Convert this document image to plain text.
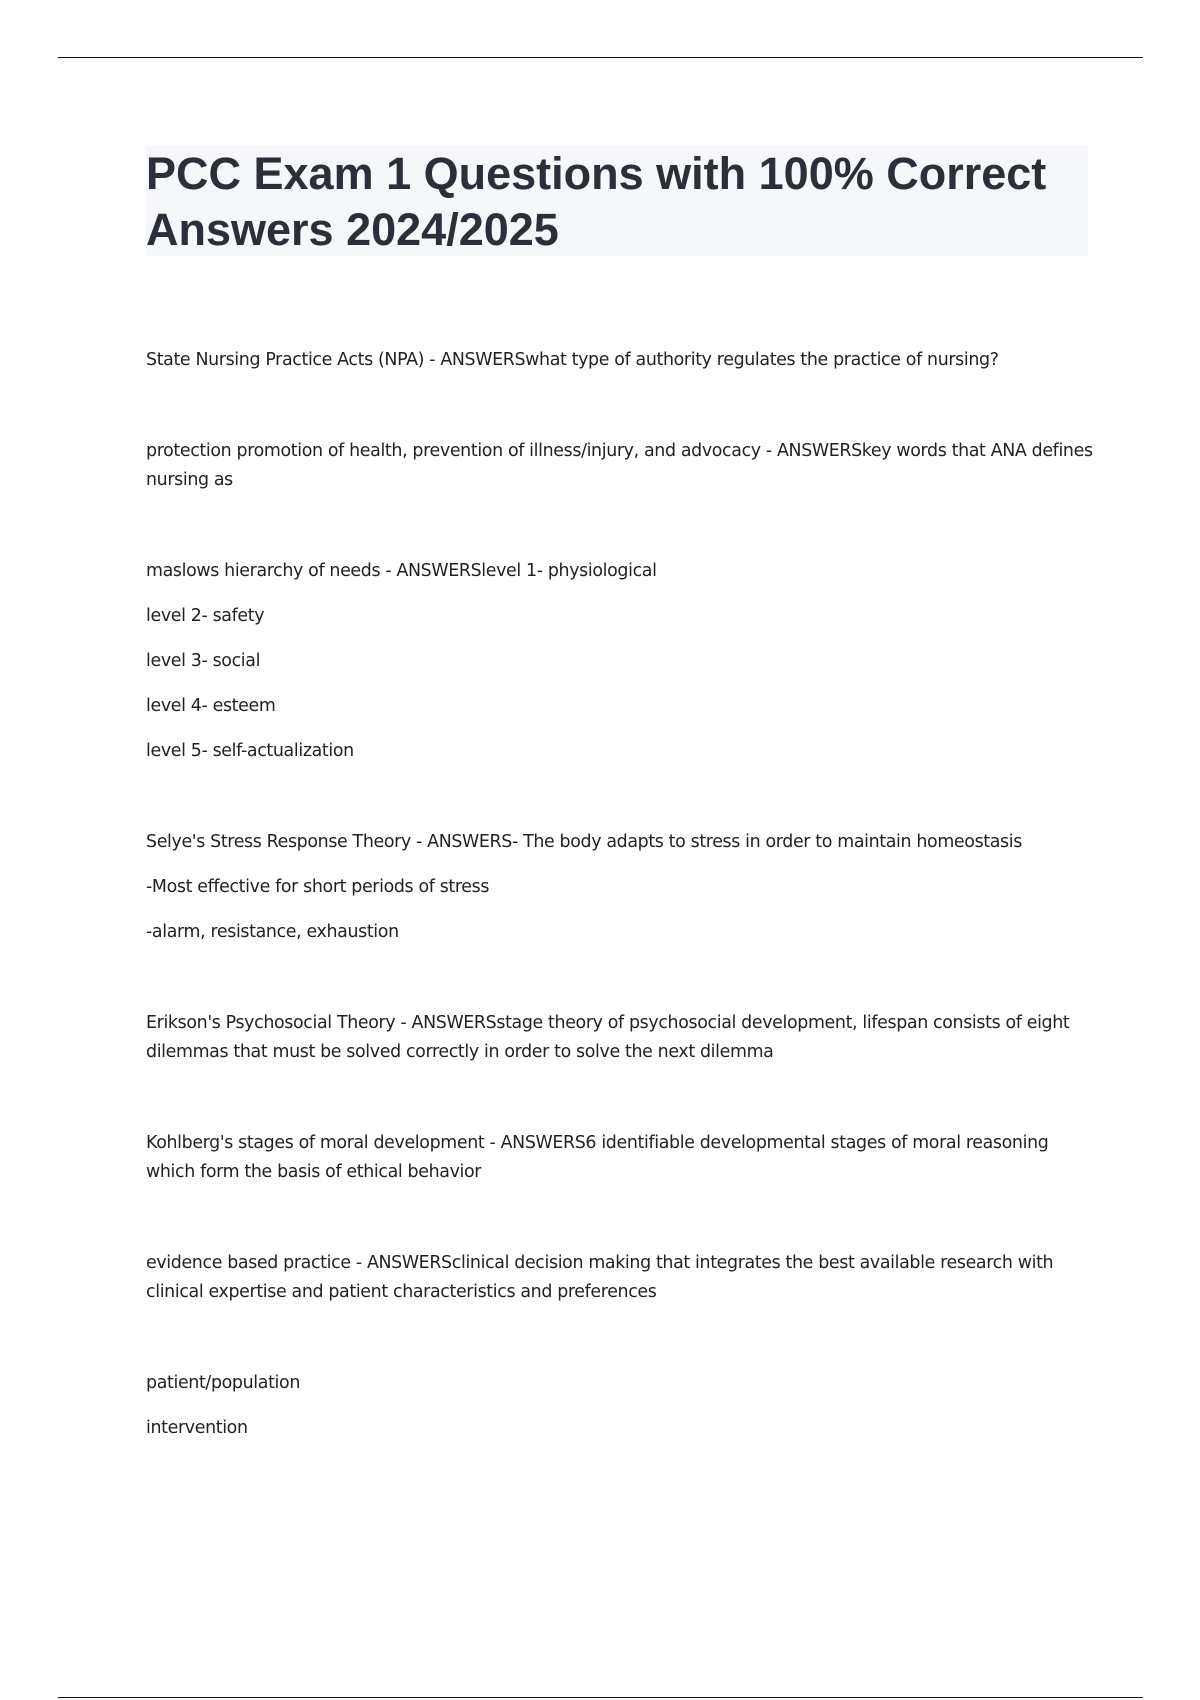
PCC Exam 1 Questions with 100% Correct Answers 2024/2025

State Nursing Practice Acts (NPA) - ANSWERSwhat type of authority regulates the practice of nursing?

protection promotion of health, prevention of illness/injury, and advocacy - ANSWERSkey words that ANA defines nursing as

maslows hierarchy of needs - ANSWERSlevel 1- physiological

level 2- safety

level 3- social

level 4- esteem

level 5- self-actualization

Selye's Stress Response Theory - ANSWERS- The body adapts to stress in order to maintain homeostasis

-Most effective for short periods of stress

-alarm, resistance, exhaustion

Erikson's Psychosocial Theory - ANSWERSstage theory of psychosocial development, lifespan consists of eight dilemmas that must be solved correctly in order to solve the next dilemma

Kohlberg's stages of moral development - ANSWERS6 identifiable developmental stages of moral reasoning which form the basis of ethical behavior

evidence based practice - ANSWERSclinical decision making that integrates the best available research with clinical expertise and patient characteristics and preferences

patient/population

intervention
